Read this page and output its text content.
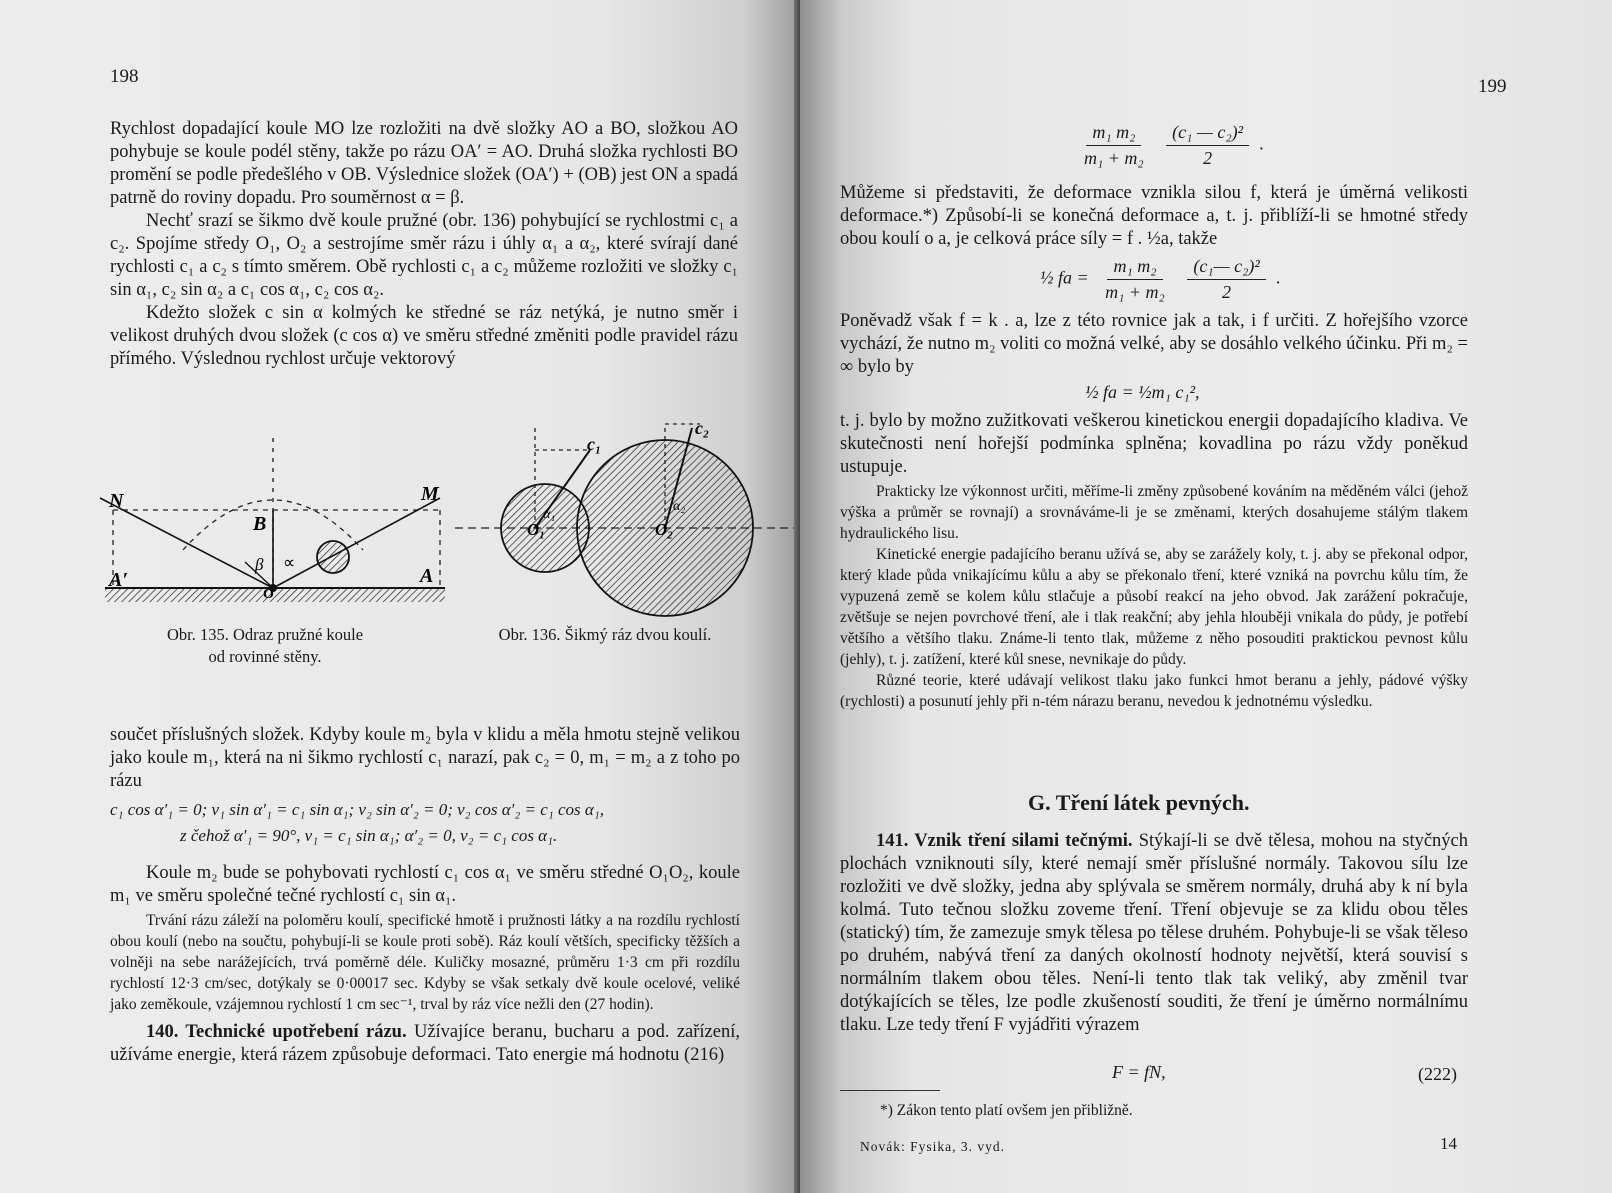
198

Rychlost dopadající koule MO lze rozložiti na dvě složky AO a BO, složkou AO pohybuje se koule podél stěny, takže po rázu OA′ = AO. Druhá složka rychlosti BO promění se podle předešlého v OB. Výslednice složek (OA′) + (OB) jest ON a spadá patrně do roviny dopadu. Pro souměrnost α = β.

Nechť srazí se šikmo dvě koule pružné (obr. 136) pohybující se rychlostmi c₁ a c₂. Spojíme středy O₁, O₂ a sestrojíme směr rázu i úhly α₁ a α₂, které svírají dané rychlosti c₁ a c₂ s tímto směrem. Obě rychlosti c₁ a c₂ můžeme rozložiti ve složky c₁ sin α₁, c₂ sin α₂ a c₁ cos α₁, c₂ cos α₂.

Kdežto složek c sin α kolmých ke středné se ráz netýká, je nutno směr i velikost druhých dvou složek (c cos α) ve směru středné změniti podle pravidel rázu přímého. Výslednou rychlost určuje vektorový

N	M
B
β ∝
A′	A
O
Obr. 135. Odraz pružné koule
od rovinné stěny.
c₁
c₂
O₁	O₂
α₁
α₂
Obr. 136. Šikmý ráz dvou koulí.

součet příslušných složek. Kdyby koule m₂ byla v klidu a měla hmotu stejně velikou jako koule m₁, která na ni šikmo rychlostí c₁ narazí, pak c₂ = 0, m₁ = m₂ a z toho po rázu

c₁ cos α′₁ = 0; v₁ sin α′₁ = c₁ sin α₁; v₂ sin α′₂ = 0; v₂ cos α′₂ = c₁ cos α₁,
z čehož α′₁ = 90°, v₁ = c₁ sin α₁; α′₂ = 0, v₂ = c₁ cos α₁.

Koule m₂ bude se pohybovati rychlostí c₁ cos α₁ ve směru středné O₁O₂, koule m₁ ve směru společné tečné rychlostí c₁ sin α₁.

Trvání rázu záleží na poloměru koulí, specifické hmotě i pružnosti látky a na rozdílu rychlostí obou koulí (nebo na součtu, pohybují-li se koule proti sobě). Ráz koulí větších, specificky těžších a volněji na sebe narážejících, trvá poměrně déle. Kuličky mosazné, průměru 1·3 cm při rozdílu rychlostí 12·3 cm/sec, dotýkaly se 0·00017 sec. Kdyby se však setkaly dvě koule ocelové, veliké jako zeměkoule, vzájemnou rychlostí 1 cm sec⁻¹, trval by ráz více nežli den (27 hodin).

140. Technické upotřebení rázu. Užívajíce beranu, bucharu a pod. zařízení, užíváme energie, která rázem způsobuje deformaci. Tato energie má hodnotu (216)

199
$\frac{\text{m₁ m₂}}{\text{m₁ + m₂}}$
$\frac{\text{(c₁ — c₂)²}}{2}$ .

Můžeme si představiti, že deformace vznikla silou f, která je úměrná velikosti deformace.*) Způsobí-li se konečná deformace a, t. j. přiblíží-li se hmotné středy obou koulí o a, je celková práce síly = f . ½a, takže

½ fa = $\frac{\text{m₁ m₂}}{\text{m₁ + m₂}}$
$\frac{\text{(c₁— c₂)²}}{2}$ .

Poněvadž však f = k . a, lze z této rovnice jak a tak, i f určiti. Z hořejšího vzorce vychází, že nutno m₂ voliti co možná velké, aby se dosáhlo velkého účinku. Při m₂ = ∞ bylo by

½ fa = ½m₁ c₁²,

t. j. bylo by možno zužitkovati veškerou kinetickou energii dopadajícího kladiva. Ve skutečnosti není hořejší podmínka splněna; kovadlina po rázu vždy poněkud ustupuje.

Prakticky lze výkonnost určiti, měříme-li změny způsobené kováním na měděném válci (jehož výška a průměr se rovnají) a srovnáváme-li je se změnami, kterých dosahujeme stálým tlakem hydraulického lisu.

Kinetické energie padajícího beranu užívá se, aby se zarážely koly, t. j. aby se překonal odpor, který klade půda vnikajícímu kůlu a aby se překonalo tření, které vzniká na povrchu kůlu tím, že vypuzená země se kolem kůlu stlačuje a působí reakcí na jeho obvod. Jak zarážení pokračuje, zvětšuje se nejen povrchové tření, ale i tlak reakční; aby jehla hlouběji vnikala do půdy, je potřebí většího a většího tlaku. Známe-li tento tlak, můžeme z něho posouditi praktickou pevnost kůlu (jehly), t. j. zatížení, které kůl snese, nevnikaje do půdy.

Různé teorie, které udávají velikost tlaku jako funkci hmot beranu a jehly, pádové výšky (rychlosti) a posunutí jehly při n-tém nárazu beranu, nevedou k jednotnému výsledku.

G. Tření látek pevných.

141. Vznik tření silami tečnými. Stýkají-li se dvě tělesa, mohou na styčných plochách vzniknouti síly, které nemají směr příslušné normály. Takovou sílu lze rozložiti ve dvě složky, jedna aby splývala se směrem normály, druhá aby k ní byla kolmá. Tuto tečnou složku zoveme tření. Tření objevuje se za klidu obou těles (statický) tím, že zamezuje smyk tělesa po tělese druhém. Pohybuje-li se však těleso po druhém, nabývá tření za daných okolností hodnoty největší, která souvisí s normálním tlakem obou těles. Není-li tento tlak tak veliký, aby změnil tvar dotýkajících se těles, lze podle zkušeností souditi, že tření je úměrno normálnímu tlaku. Lze tedy tření F vyjádřiti výrazem

F = fN,	(222)
*) Zákon tento platí ovšem jen přibližně.
Novák: Fysika, 3. vyd.	14
